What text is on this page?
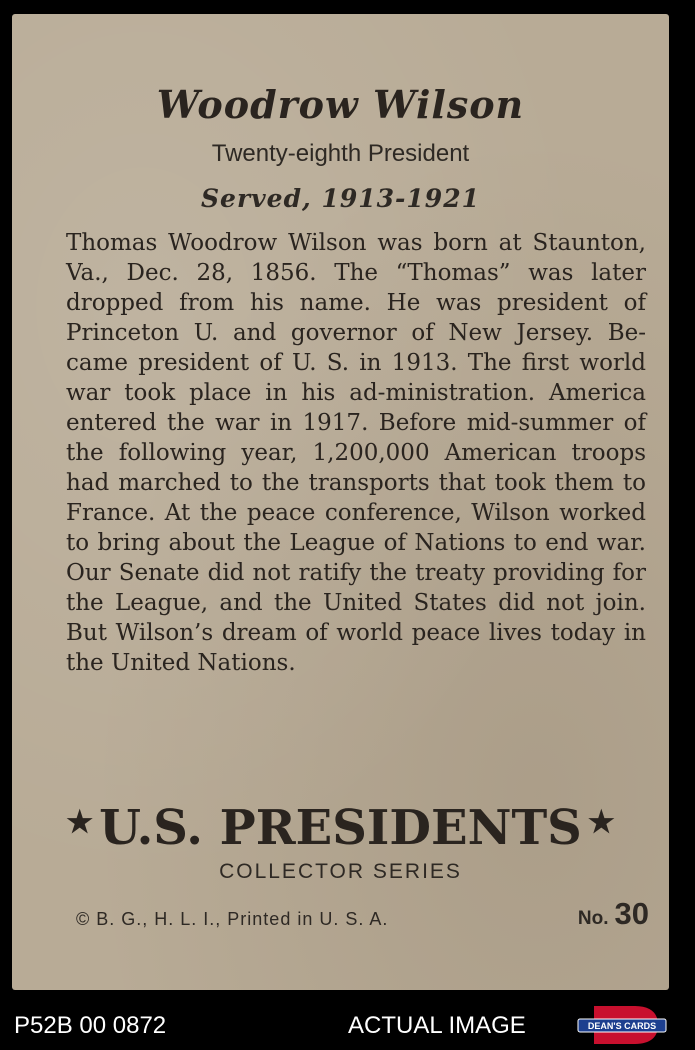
Woodrow Wilson
Twenty-eighth President
Served, 1913-1921

Thomas Woodrow Wilson was born at Staunton, Va., Dec. 28, 1856. The “Thomas” was later dropped from his name. He was president of Princeton U. and governor of New Jersey. Be-came president of U. S. in 1913. The first world war took place in his ad-ministration. America entered the war in 1917. Before mid-summer of the following year, 1,200,000 American troops had marched to the transports that took them to France. At the peace conference, Wilson worked to bring about the League of Nations to end war. Our Senate did not ratify the treaty providing for the League, and the United States did not join. But Wilson’s dream of world peace lives today in the United Nations.

★ U.S. PRESIDENTS ★
COLLECTOR SERIES
© B. G., H. L. I., Printed in U. S. A.	No. 30
P52B 00 0872	ACTUAL IMAGE	DEAN'S CARDS
